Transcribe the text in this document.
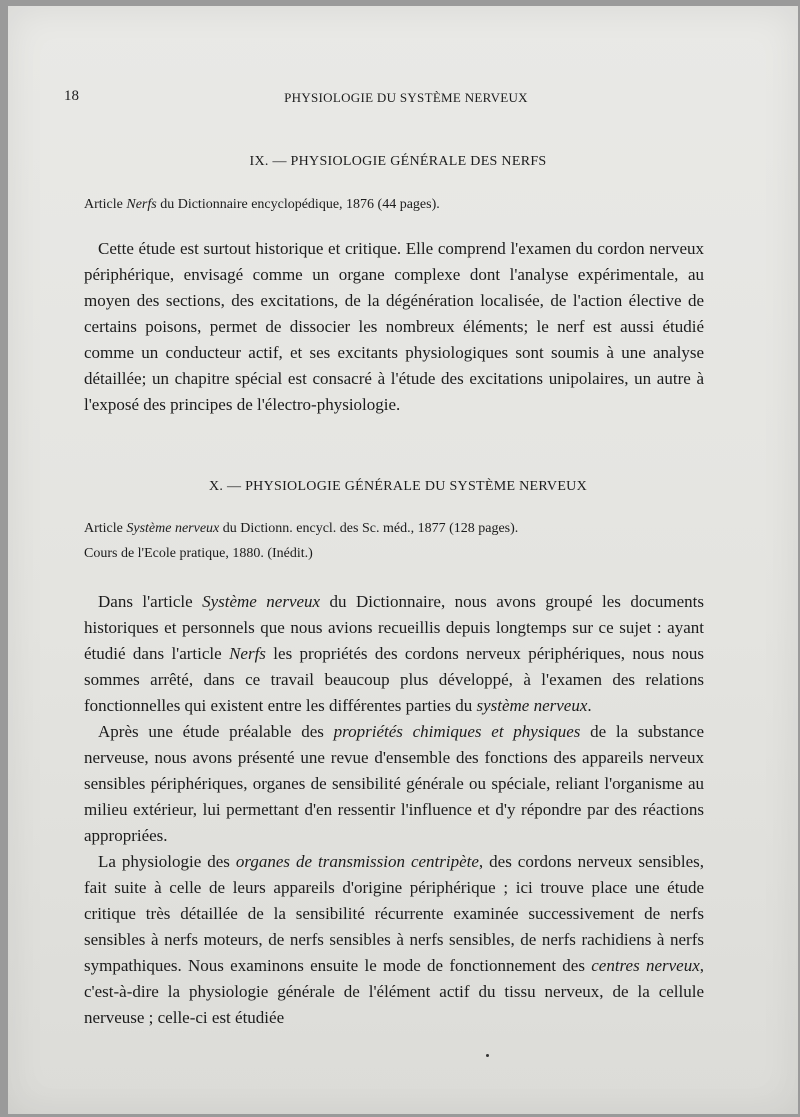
18	PHYSIOLOGIE DU SYSTÈME NERVEUX
IX. — PHYSIOLOGIE GÉNÉRALE DES NERFS
Article Nerfs du Dictionnaire encyclopédique, 1876 (44 pages).

Cette étude est surtout historique et critique. Elle comprend l'examen du cordon nerveux périphérique, envisagé comme un organe complexe dont l'analyse expérimentale, au moyen des sections, des excitations, de la dégénération localisée, de l'action élective de certains poisons, permet de dissocier les nombreux éléments; le nerf est aussi étudié comme un conducteur actif, et ses excitants physiologiques sont soumis à une analyse détaillée; un chapitre spécial est consacré à l'étude des excitations unipolaires, un autre à l'exposé des principes de l'électro-physiologie.

X. — PHYSIOLOGIE GÉNÉRALE DU SYSTÈME NERVEUX
Article Système nerveux du Dictionn. encycl. des Sc. méd., 1877 (128 pages).
Cours de l'Ecole pratique, 1880. (Inédit.)

Dans l'article Système nerveux du Dictionnaire, nous avons groupé les documents historiques et personnels que nous avions recueillis depuis longtemps sur ce sujet : ayant étudié dans l'article Nerfs les propriétés des cordons nerveux périphériques, nous nous sommes arrêté, dans ce travail beaucoup plus développé, à l'examen des relations fonctionnelles qui existent entre les différentes parties du système nerveux.

Après une étude préalable des propriétés chimiques et physiques de la substance nerveuse, nous avons présenté une revue d'ensemble des fonctions des appareils nerveux sensibles périphériques, organes de sensibilité générale ou spéciale, reliant l'organisme au milieu extérieur, lui permettant d'en ressentir l'influence et d'y répondre par des réactions appropriées.

La physiologie des organes de transmission centripète, des cordons nerveux sensibles, fait suite à celle de leurs appareils d'origine périphérique ; ici trouve place une étude critique très détaillée de la sensibilité récurrente examinée successivement de nerfs sensibles à nerfs moteurs, de nerfs sensibles à nerfs sensibles, de nerfs rachidiens à nerfs sympathiques. Nous examinons ensuite le mode de fonctionnement des centres nerveux, c'est-à-dire la physiologie générale de l'élément actif du tissu nerveux, de la cellule nerveuse ; celle-ci est étudiée
